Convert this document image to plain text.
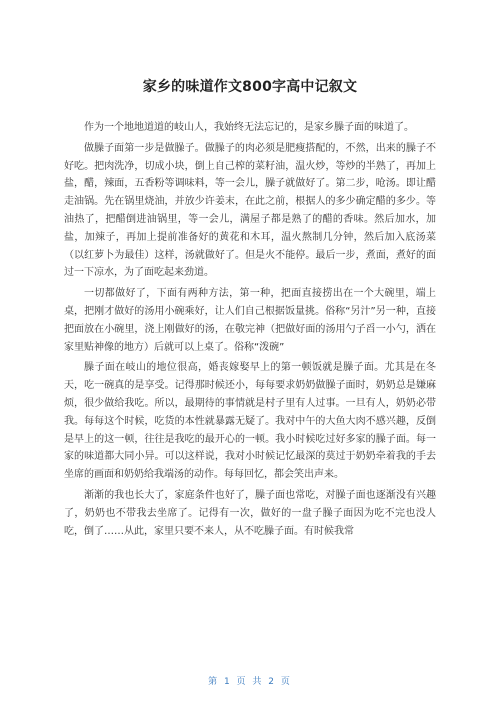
家乡的味道作文800字高中记叙文

作为一个地地道道的岐山人，我始终无法忘记的，是家乡臊子面的味道了。

做臊子面第一步是做臊子。做臊子的肉必须是肥瘦搭配的，不然，出来的臊子不好吃。把肉洗净，切成小块，倒上自己榨的菜籽油，温火炒，等炒的半熟了，再加上盐，醋，辣面，五香粉等调味料，等一会儿，臊子就做好了。第二步，呛汤。即让醋走油锅。先在锅里烧油，并放少许姜末，在此之前，根据人的多少确定醋的多少。等油热了，把醋倒进油锅里，等一会儿，满屋子都是熟了的醋的香味。然后加水，加盐，加辣子，再加上提前准备好的黄花和木耳，温火熬制几分钟，然后加入底汤菜（以红萝卜为最佳）这样，汤就做好了。但是火不能停。最后一步，煮面，煮好的面过一下凉水，为了面吃起来劲道。

一切都做好了，下面有两种方法，第一种，把面直接捞出在一个大碗里，端上桌，把刚才做好的汤用小碗乘好，让人们自己根据饭量挑。俗称“另汁”另一种，直接把面放在小碗里，浇上刚做好的汤，在敬完神（把做好面的汤用勺子舀一小勺，洒在家里贴神像的地方）后就可以上桌了。俗称“泼碗”

臊子面在岐山的地位很高，婚丧嫁娶早上的第一顿饭就是臊子面。尤其是在冬天，吃一碗真的是享受。记得那时候还小，每每要求奶奶做臊子面时，奶奶总是嫌麻烦，很少做给我吃。所以，最期待的事情就是村子里有人过事。一旦有人，奶奶必带我。每每这个时候，吃货的本性就暴露无疑了。我对中午的大鱼大肉不感兴趣，反倒是早上的这一顿，往往是我吃的最开心的一顿。我小时候吃过好多家的臊子面。每一家的味道都大同小异。可以这样说，我对小时候记忆最深的莫过于奶奶牵着我的手去坐席的画面和奶奶给我端汤的动作。每每回忆，都会笑出声来。

渐渐的我也长大了，家庭条件也好了，臊子面也常吃，对臊子面也逐渐没有兴趣了，奶奶也不带我去坐席了。记得有一次，做好的一盘子臊子面因为吃不完也没人吃，倒了……从此，家里只要不来人，从不吃臊子面。有时候我常

第 1 页 共 2 页
